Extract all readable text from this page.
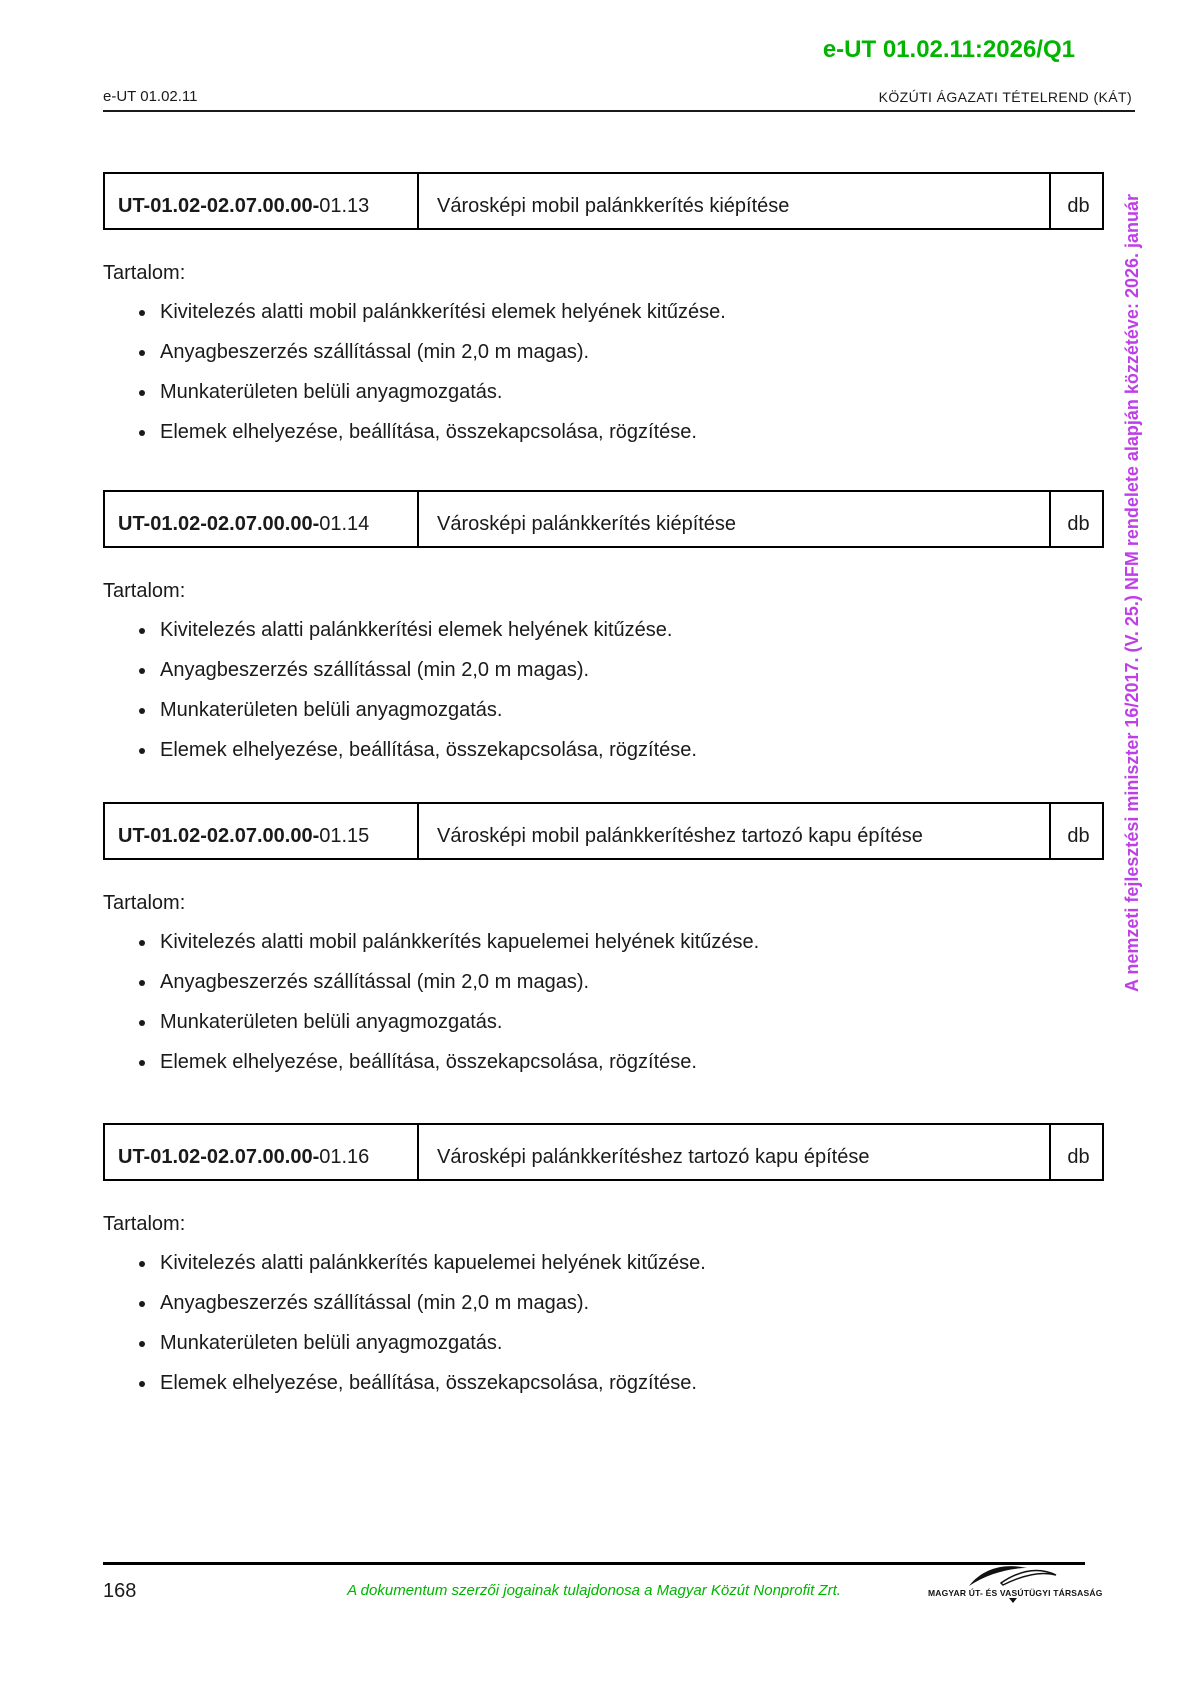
e-UT 01.02.11:2026/Q1
e-UT 01.02.11	KÖZÚTI ÁGAZATI TÉTELREND (KÁT)
A nemzeti fejlesztési miniszter 16/2017. (V. 25.) NFM rendelete alapján közzétéve: 2026. január
UT-01.02-02.07.00.00-01.13	Városképi mobil palánkkerítés kiépítése	db
Tartalom:
Kivitelezés alatti mobil palánkkerítési elemek helyének kitűzése.
Anyagbeszerzés szállítással (min 2,0 m magas).
Munkaterületen belüli anyagmozgatás.
Elemek elhelyezése, beállítása, összekapcsolása, rögzítése.
UT-01.02-02.07.00.00-01.14	Városképi palánkkerítés kiépítése	db
Tartalom:
Kivitelezés alatti palánkkerítési elemek helyének kitűzése.
Anyagbeszerzés szállítással (min 2,0 m magas).
Munkaterületen belüli anyagmozgatás.
Elemek elhelyezése, beállítása, összekapcsolása, rögzítése.
UT-01.02-02.07.00.00-01.15	Városképi mobil palánkkerítéshez tartozó kapu építése	db
Tartalom:
Kivitelezés alatti mobil palánkkerítés kapuelemei helyének kitűzése.
Anyagbeszerzés szállítással (min 2,0 m magas).
Munkaterületen belüli anyagmozgatás.
Elemek elhelyezése, beállítása, összekapcsolása, rögzítése.
UT-01.02-02.07.00.00-01.16	Városképi palánkkerítéshez tartozó kapu építése	db
Tartalom:
Kivitelezés alatti palánkkerítés kapuelemei helyének kitűzése.
Anyagbeszerzés szállítással (min 2,0 m magas).
Munkaterületen belüli anyagmozgatás.
Elemek elhelyezése, beállítása, összekapcsolása, rögzítése.
168	A dokumentum szerzői jogainak tulajdonosa a Magyar Közút Nonprofit Zrt.	MAGYAR ÚT- ÉS VASÚTÜGYI TÁRSASÁG
